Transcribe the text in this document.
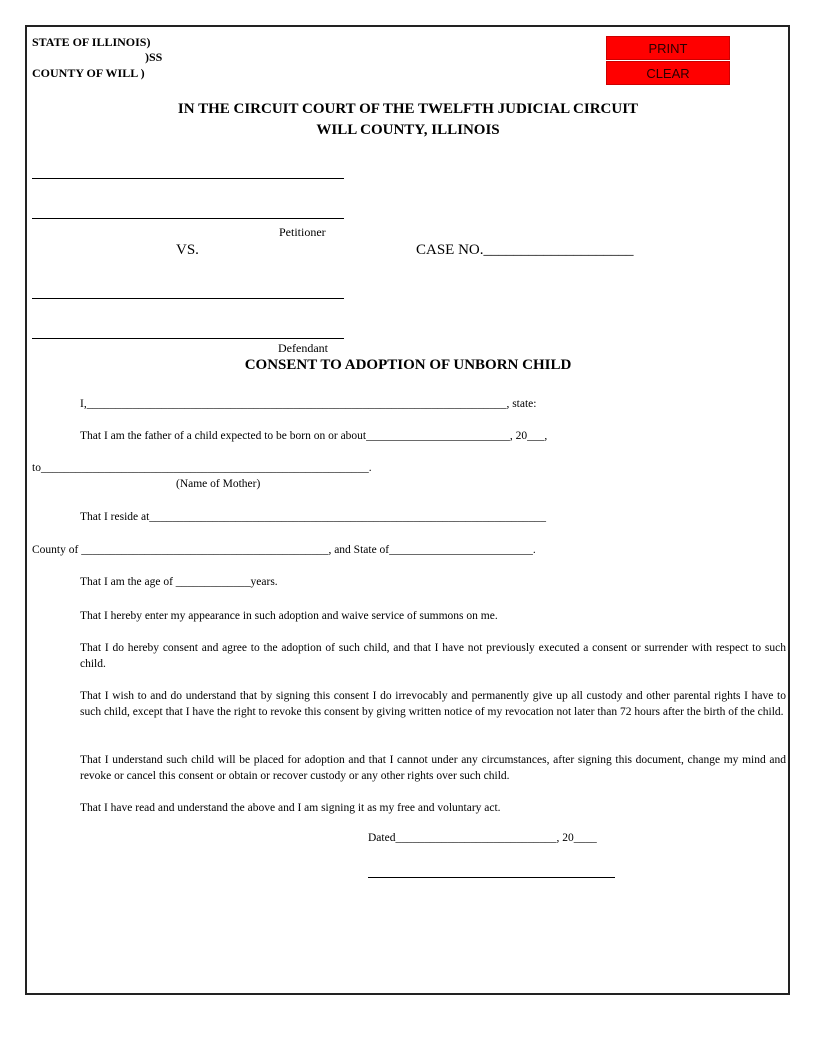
STATE OF ILLINOIS)
)SS
COUNTY OF WILL )
PRINT
CLEAR
IN THE CIRCUIT COURT OF THE TWELFTH JUDICIAL CIRCUIT
WILL COUNTY, ILLINOIS
Petitioner
VS.	CASE NO.____________________
Defendant
CONSENT TO ADOPTION OF UNBORN CHILD
I,_________________________________________________________________________, state:
That I am the father of a child expected to be born on or about_________________________, 20___,
to_________________________________________________________.
(Name of Mother)
That I reside at_____________________________________________________________________
County of ___________________________________________, and State of_________________________.
That I am the age of _____________years.
That I hereby enter my appearance in such adoption and waive service of summons on me.
That I do hereby consent and agree to the adoption of such child, and that I have not previously executed a consent or surrender with respect to such child.
That I wish to and do understand that by signing this consent I do irrevocably and permanently give up all custody and other parental rights I have to such child, except that I have the right to revoke this consent by giving written notice of my revocation not later than 72 hours after the birth of the child.
That I understand such child will be placed for adoption and that I cannot under any circumstances, after signing this document, change my mind and revoke or cancel this consent or obtain or recover custody or any other rights over such child.
That I have read and understand the above and I am signing it as my free and voluntary act.
Dated____________________________, 20____
